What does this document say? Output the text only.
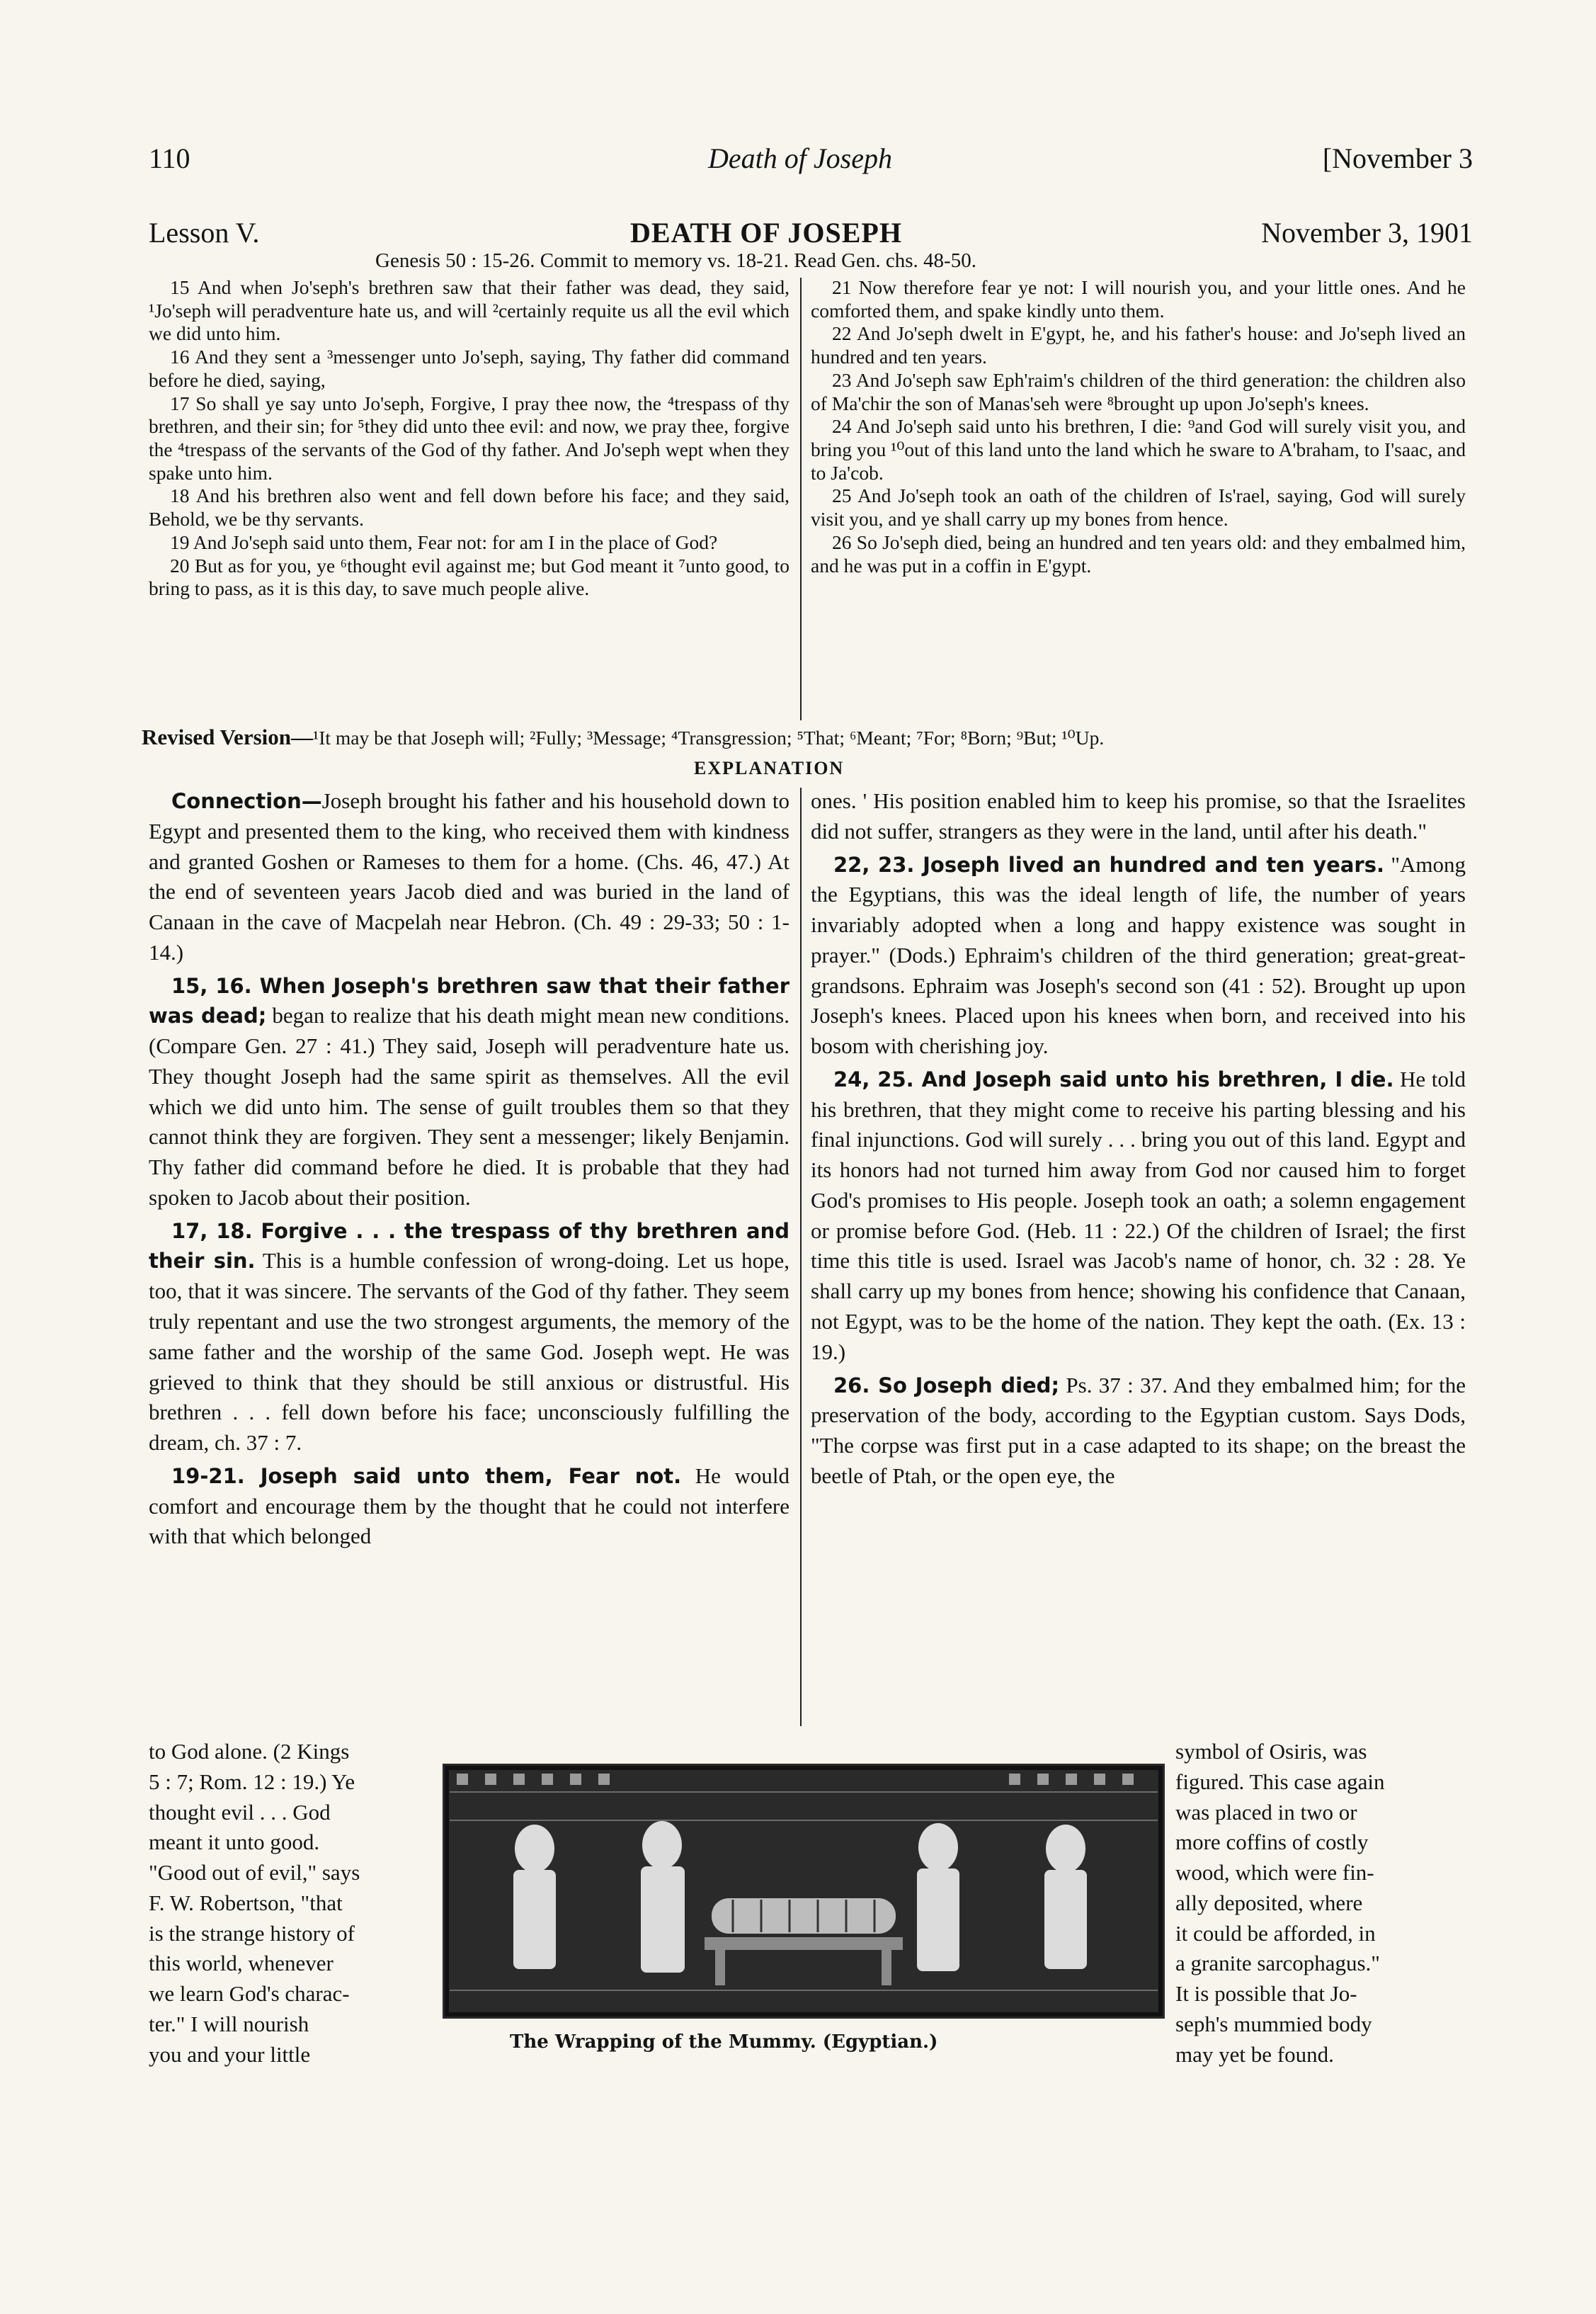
110	Death of Joseph	[November 3
Lesson V.	DEATH OF JOSEPH	November 3, 1901
Genesis 50 : 15-26. Commit to memory vs. 18-21. Read Gen. chs. 48-50.

15 And when Jo'seph's brethren saw that their father was dead, they said, ¹Jo'seph will peradventure hate us, and will ²certainly requite us all the evil which we did unto him.

16 And they sent a ³messenger unto Jo'seph, saying, Thy father did command before he died, saying,

17 So shall ye say unto Jo'seph, Forgive, I pray thee now, the ⁴trespass of thy brethren, and their sin; for ⁵they did unto thee evil: and now, we pray thee, forgive the ⁴trespass of the servants of the God of thy father. And Jo'seph wept when they spake unto him.

18 And his brethren also went and fell down before his face; and they said, Behold, we be thy servants.

19 And Jo'seph said unto them, Fear not: for am I in the place of God?

20 But as for you, ye ⁶thought evil against me; but God meant it ⁷unto good, to bring to pass, as it is this day, to save much people alive.

21 Now therefore fear ye not: I will nourish you, and your little ones. And he comforted them, and spake kindly unto them.

22 And Jo'seph dwelt in E'gypt, he, and his father's house: and Jo'seph lived an hundred and ten years.

23 And Jo'seph saw Eph'raim's children of the third generation: the children also of Ma'chir the son of Manas'seh were ⁸brought up upon Jo'seph's knees.

24 And Jo'seph said unto his brethren, I die: ⁹and God will surely visit you, and bring you ¹⁰out of this land unto the land which he sware to A'braham, to I'saac, and to Ja'cob.

25 And Jo'seph took an oath of the children of Is'rael, saying, God will surely visit you, and ye shall carry up my bones from hence.

26 So Jo'seph died, being an hundred and ten years old: and they embalmed him, and he was put in a coffin in E'gypt.

Revised Version—¹It may be that Joseph will; ²Fully; ³Message; ⁴Transgression; ⁵That; ⁶Meant; ⁷For; ⁸Born; ⁹But; ¹⁰Up.
EXPLANATION

Connection—Joseph brought his father and his household down to Egypt and presented them to the king, who received them with kindness and granted Goshen or Rameses to them for a home. (Chs. 46, 47.) At the end of seventeen years Jacob died and was buried in the land of Canaan in the cave of Macpelah near Hebron. (Ch. 49 : 29-33; 50 : 1-14.)

15, 16. When Joseph's brethren saw that their father was dead; began to realize that his death might mean new conditions. (Compare Gen. 27 : 41.) They said, Joseph will peradventure hate us. They thought Joseph had the same spirit as themselves. All the evil which we did unto him. The sense of guilt troubles them so that they cannot think they are forgiven. They sent a messenger; likely Benjamin. Thy father did command before he died. It is probable that they had spoken to Jacob about their position.

17, 18. Forgive . . . the trespass of thy brethren and their sin. This is a humble confession of wrong-doing. Let us hope, too, that it was sincere. The servants of the God of thy father. They seem truly repentant and use the two strongest arguments, the memory of the same father and the worship of the same God. Joseph wept. He was grieved to think that they should be still anxious or distrustful. His brethren . . . fell down before his face; unconsciously fulfilling the dream, ch. 37 : 7.

19-21. Joseph said unto them, Fear not. He would comfort and encourage them by the thought that he could not interfere with that which belonged

ones. ' His position enabled him to keep his promise, so that the Israelites did not suffer, strangers as they were in the land, until after his death."

22, 23. Joseph lived an hundred and ten years. "Among the Egyptians, this was the ideal length of life, the number of years invariably adopted when a long and happy existence was sought in prayer." (Dods.) Ephraim's children of the third generation; great-great-grandsons. Ephraim was Joseph's second son (41 : 52). Brought up upon Joseph's knees. Placed upon his knees when born, and received into his bosom with cherishing joy.

24, 25. And Joseph said unto his brethren, I die. He told his brethren, that they might come to receive his parting blessing and his final injunctions. God will surely . . . bring you out of this land. Egypt and its honors had not turned him away from God nor caused him to forget God's promises to His people. Joseph took an oath; a solemn engagement or promise before God. (Heb. 11 : 22.) Of the children of Israel; the first time this title is used. Israel was Jacob's name of honor, ch. 32 : 28. Ye shall carry up my bones from hence; showing his confidence that Canaan, not Egypt, was to be the home of the nation. They kept the oath. (Ex. 13 : 19.)

26. So Joseph died; Ps. 37 : 37. And they embalmed him; for the preservation of the body, according to the Egyptian custom. Says Dods, "The corpse was first put in a case adapted to its shape; on the breast the beetle of Ptah, or the open eye, the

to God alone. (2 Kings
5 : 7; Rom. 12 : 19.) Ye
thought evil . . . God
meant it unto good.
"Good out of evil," says
F. W. Robertson, "that
is the strange history of
this world, whenever
we learn God's charac-
ter." I will nourish
you and your little
symbol of Osiris, was
figured. This case again
was placed in two or
more coffins of costly
wood, which were fin-
ally deposited, where
it could be afforded, in
a granite sarcophagus."
It is possible that Jo-
seph's mummied body
may yet be found.
The Wrapping of the Mummy. (Egyptian.)
